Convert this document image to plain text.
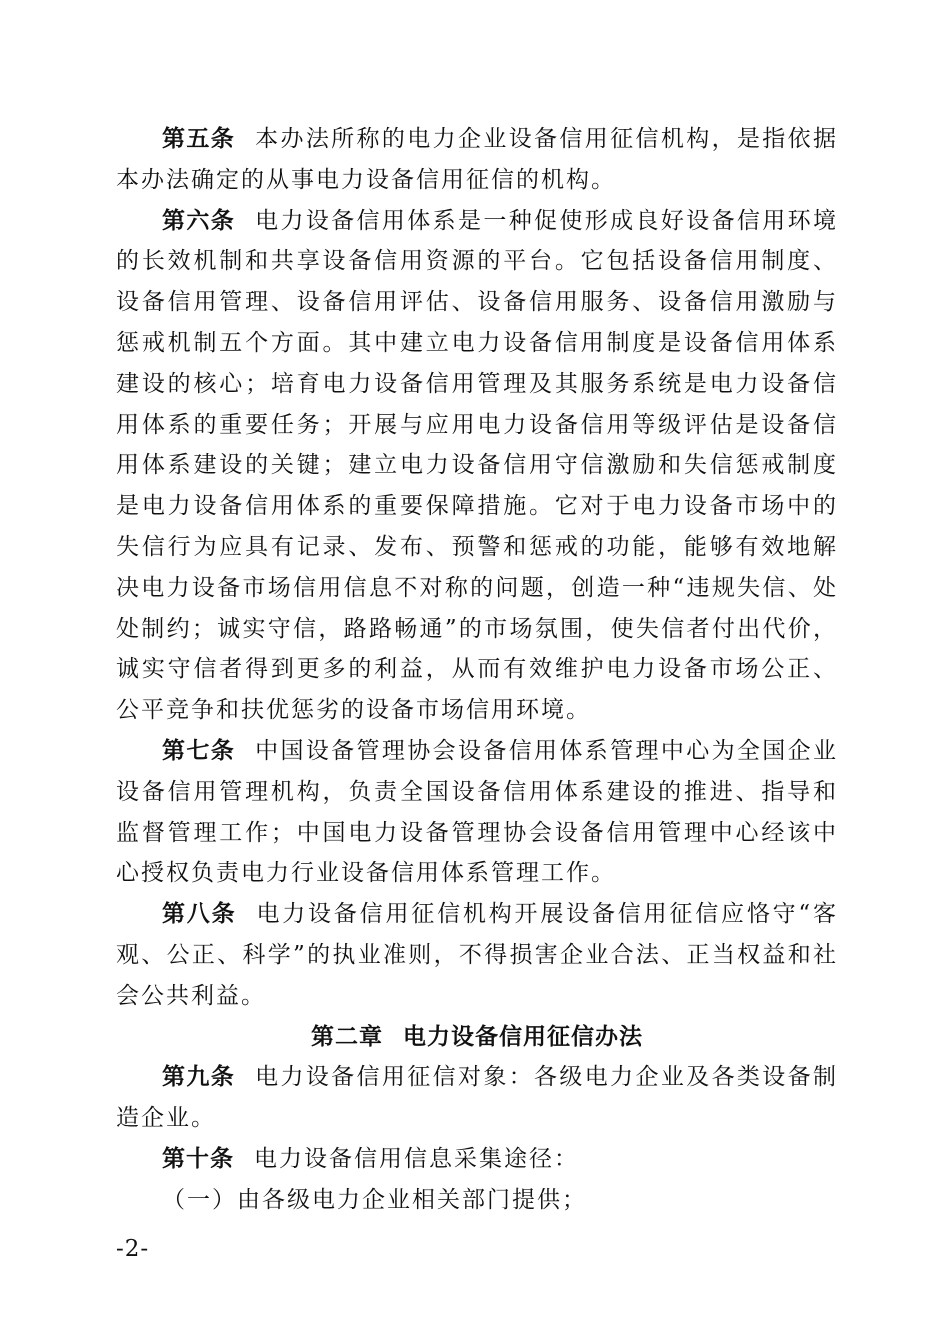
第五条 本办法所称的电力企业设备信用征信机构，是指依据本办法确定的从事电力设备信用征信的机构。

第六条 电力设备信用体系是一种促使形成良好设备信用环境的长效机制和共享设备信用资源的平台。它包括设备信用制度、设备信用管理、设备信用评估、设备信用服务、设备信用激励与惩戒机制五个方面。其中建立电力设备信用制度是设备信用体系建设的核心；培育电力设备信用管理及其服务系统是电力设备信用体系的重要任务；开展与应用电力设备信用等级评估是设备信用体系建设的关键；建立电力设备信用守信激励和失信惩戒制度是电力设备信用体系的重要保障措施。它对于电力设备市场中的失信行为应具有记录、发布、预警和惩戒的功能，能够有效地解决电力设备市场信用信息不对称的问题，创造一种“违规失信、处处制约；诚实守信，路路畅通”的市场氛围，使失信者付出代价，诚实守信者得到更多的利益，从而有效维护电力设备市场公正、公平竞争和扶优惩劣的设备市场信用环境。

第七条 中国设备管理协会设备信用体系管理中心为全国企业设备信用管理机构，负责全国设备信用体系建设的推进、指导和监督管理工作；中国电力设备管理协会设备信用管理中心经该中心授权负责电力行业设备信用体系管理工作。

第八条 电力设备信用征信机构开展设备信用征信应恪守“客观、公正、科学”的执业准则，不得损害企业合法、正当权益和社会公共利益。

第二章 电力设备信用征信办法

第九条 电力设备信用征信对象：各级电力企业及各类设备制造企业。

第十条 电力设备信用信息采集途径：

（一）由各级电力企业相关部门提供；

-2-
